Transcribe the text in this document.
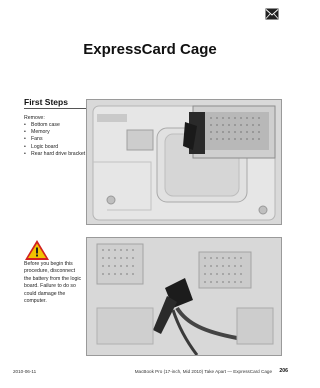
ExpressCard Cage
First Steps
Remove:
• Bottom case
• Memory
• Fans
• Logic board
• Rear hard drive bracket
Before you begin this procedure, disconnect the battery from the logic board. Failure to do so could damage the computer.
2010-06-11	MacBook Pro (17-inch, Mid 2010) Take Apart — ExpressCard Cage 206
